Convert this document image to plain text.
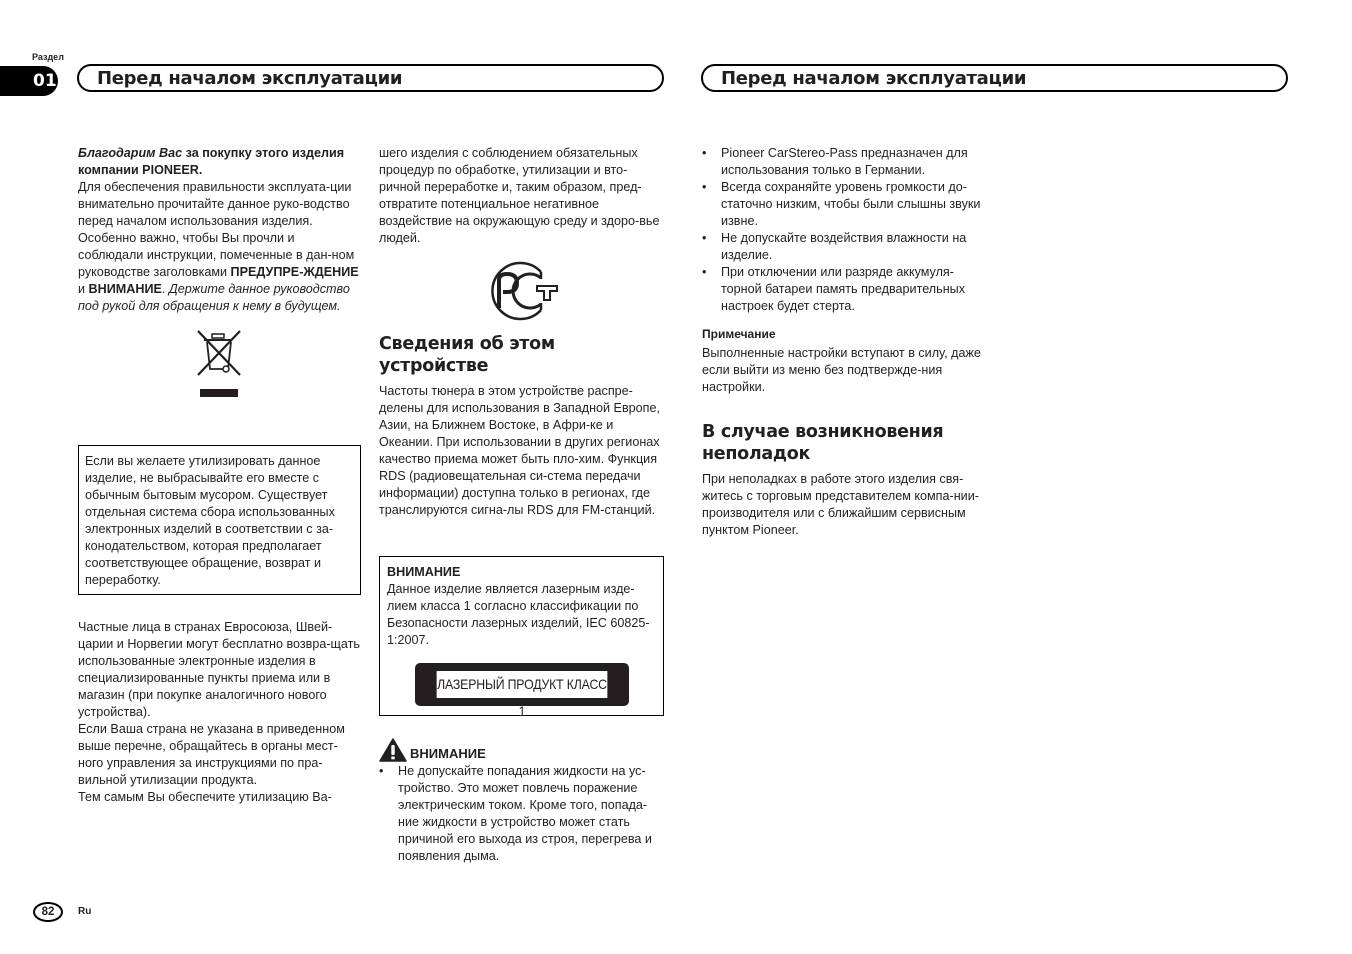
Раздел
01	Перед началом эксплуатации	Перед началом эксплуатации

Благодарим Вас за покупку этого изделия компании PIONEER.
Для обеспечения правильности эксплуата-ции внимательно прочитайте данное руко-водство перед началом использования изделия. Особенно важно, чтобы Вы прочли и соблюдали инструкции, помеченные в дан-ном руководстве заголовками ПРЕДУПРЕ-ЖДЕНИЕ и ВНИМАНИЕ. Держите данное руководство под рукой для обращения к нему в будущем.

Если вы желаете утилизировать данное изделие, не выбрасывайте его вместе с обычным бытовым мусором. Существует отдельная система сбора использованных электронных изделий в соответствии с за-конодательством, которая предполагает соответствующее обращение, возврат и переработку.

Частные лица в странах Евросоюза, Швей-царии и Норвегии могут бесплатно возвра-щать использованные электронные изделия в специализированные пункты приема или в магазин (при покупке аналогичного нового устройства).

Если Ваша страна не указана в приведенном выше перечне, обращайтесь в органы мест-ного управления за инструкциями по пра-вильной утилизации продукта.

Тем самым Вы обеспечите утилизацию Ва-

шего изделия с соблюдением обязательных процедур по обработке, утилизации и вто-ричной переработке и, таким образом, пред-отвратите потенциальное негативное воздействие на окружающую среду и здоро-вье людей.

Сведения об этом устройстве

Частоты тюнера в этом устройстве распре-делены для использования в Западной Европе, Азии, на Ближнем Востоке, в Афри-ке и Океании. При использовании в других регионах качество приема может быть пло-хим. Функция RDS (радиовещательная си-стема передачи информации) доступна только в регионах, где транслируются сигна-лы RDS для FM-станций.

ВНИМАНИЕ

Данное изделие является лазерным изде-лием класса 1 согласно классификации по Безопасности лазерных изделий, IEC 60825-1:2007.

ЛАЗЕРНЫЙ ПРОДУКТ КЛАСС 1
ВНИМАНИЕ
• Не допускайте попадания жидкости на ус-тройство. Это может повлечь поражение электрическим током. Кроме того, попада-ние жидкости в устройство может стать причиной его выхода из строя, перегрева и появления дыма.
• Pioneer CarStereo-Pass предназначен для использования только в Германии.
• Всегда сохраняйте уровень громкости до-статочно низким, чтобы были слышны звуки извне.
• Не допускайте воздействия влажности на изделие.
• При отключении или разряде аккумуля-торной батареи память предварительных настроек будет стерта.

Примечание

Выполненные настройки вступают в силу, даже если выйти из меню без подтвержде-ния настройки.

В случае возникновения неполадок

При неполадках в работе этого изделия свя-житесь с торговым представителем компа-нии-производителя или с ближайшим сервисным пунктом Pioneer.

82	Ru
